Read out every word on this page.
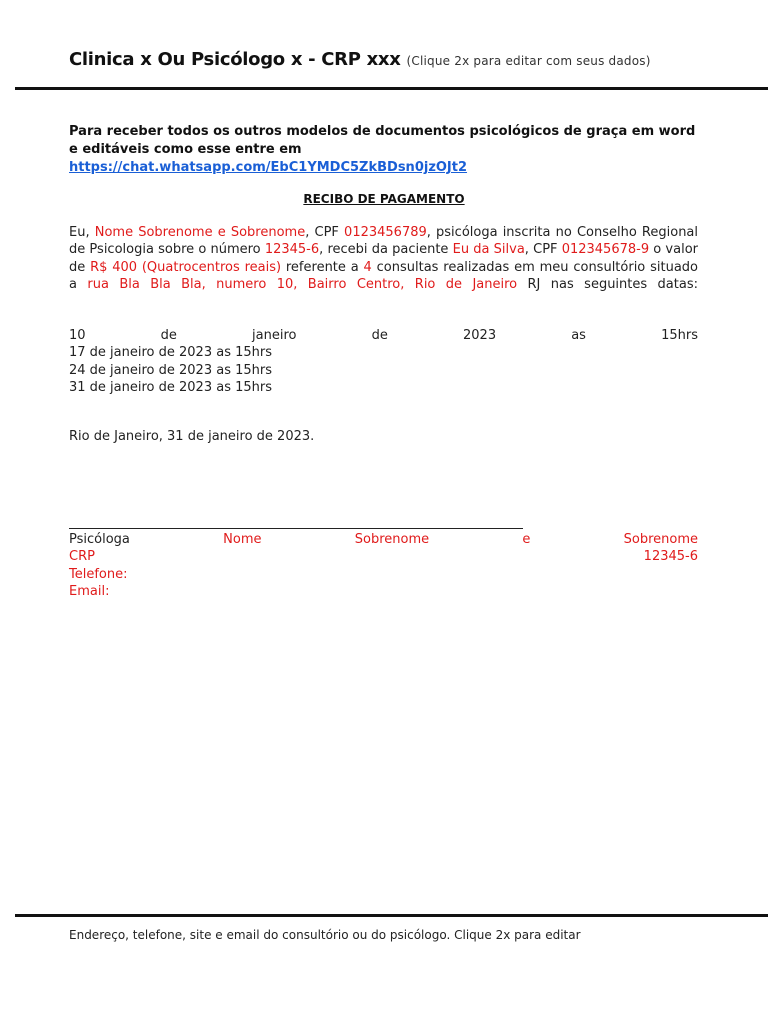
Clinica x Ou Psicólogo x - CRP xxx (Clique 2x para editar com seus dados)
Para receber todos os outros modelos de documentos psicológicos de graça em word e editáveis como esse entre em https://chat.whatsapp.com/EbC1YMDC5ZkBDsn0jzOJt2
RECIBO DE PAGAMENTO
Eu, Nome Sobrenome e Sobrenome, CPF 0123456789, psicóloga inscrita no Conselho Regional de Psicologia sobre o número 12345-6, recebi da paciente Eu da Silva, CPF 012345678-9 o valor de R$ 400 (Quatrocentros reais) referente a 4 consultas realizadas em meu consultório situado a rua Bla Bla Bla, numero 10, Bairro Centro, Rio de Janeiro RJ nas seguintes datas:
10	de	janeiro	de	2023	as	15hrs
17 de janeiro de 2023 as 15hrs
24 de janeiro de 2023 as 15hrs
31 de janeiro de 2023 as 15hrs
Rio de Janeiro, 31 de janeiro de 2023.
Psicóloga	Nome	Sobrenome	e	Sobrenome
CRP	12345-6
Telefone:
Email:
Endereço, telefone, site e email do consultório ou do psicólogo. Clique 2x para editar
